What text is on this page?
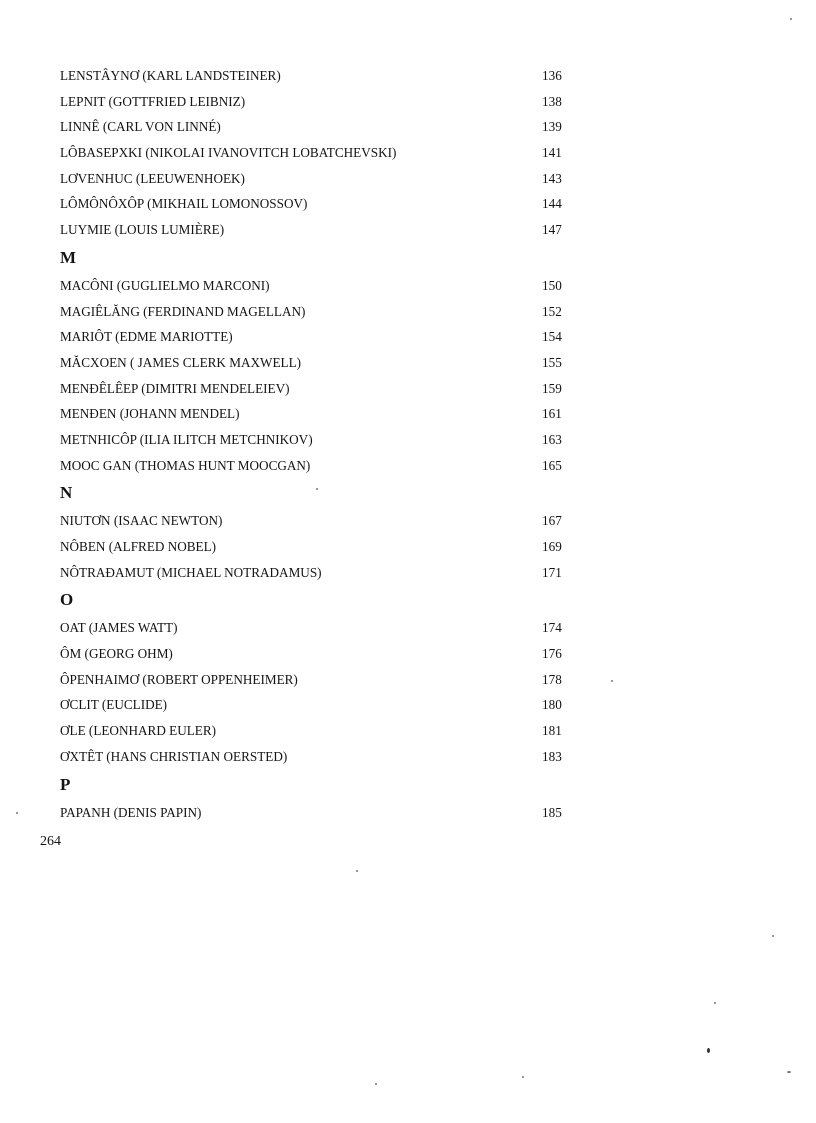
LENSTÂYNƠ (KARL LANDSTEINER)	136
LEPNIT (GOTTFRIED LEIBNIZ)	138
LINNÊ (CARL VON LINNÉ)	139
LÔBASEPXKI (NIKOLAI IVANOVITCH LOBATCHEVSKI)	141
LƠVENHUC (LEEUWENHOEK)	143
LÔMÔNÔXÔP (MIKHAIL LOMONOSSOV)	144
LUYMIE (LOUIS LUMIÈRE)	147
M
MACÔNI (GUGLIELMO MARCONI)	150
MAGIÊLĂNG (FERDINAND MAGELLAN)	152
MARIÔT (EDME MARIOTTE)	154
MĂCXOEN ( JAMES CLERK MAXWELL)	155
MENĐÊLÊEP (DIMITRI MENDELEIEV)	159
MENĐEN (JOHANN MENDEL)	161
METNHICÔP (ILIA ILITCH METCHNIKOV)	163
MOOC GAN (THOMAS HUNT MOOCGAN)	165
N
NIUTƠN (ISAAC NEWTON)	167
NÔBEN (ALFRED NOBEL)	169
NÔTRAĐAMUT (MICHAEL NOTRADAMUS)	171
O
OAT (JAMES WATT)	174
ÔM (GEORG OHM)	176
ÔPENHAIMƠ (ROBERT OPPENHEIMER)	178
ƠCLIT (EUCLIDE)	180
ƠLE (LEONHARD EULER)	181
ƠXTÊT (HANS CHRISTIAN OERSTED)	183
P
PAPANH (DENIS PAPIN)	185
264
